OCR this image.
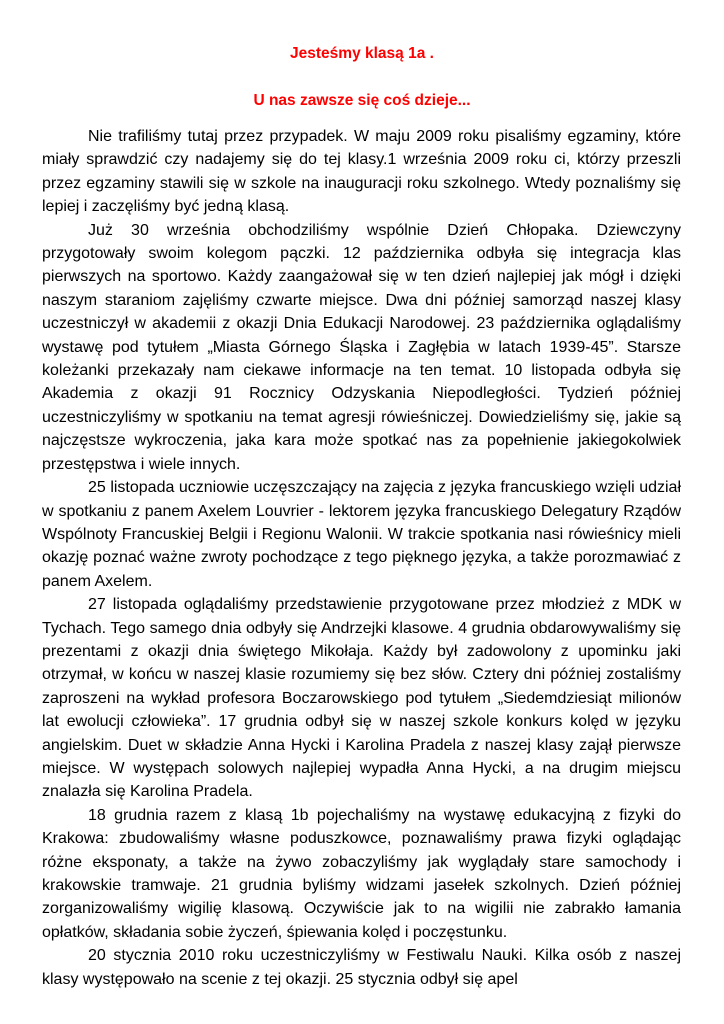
Jesteśmy klasą 1a .
U nas zawsze się coś dzieje...

Nie trafiliśmy tutaj przez przypadek. W maju 2009 roku pisaliśmy egzaminy, które miały sprawdzić czy nadajemy się do tej klasy.1 września 2009 roku ci, którzy przeszli przez egzaminy stawili się w szkole na inauguracji roku szkolnego. Wtedy poznaliśmy się lepiej i zaczęliśmy być jedną klasą.

Już 30 września obchodziliśmy wspólnie Dzień Chłopaka. Dziewczyny przygotowały swoim kolegom pączki. 12 października odbyła się integracja klas pierwszych na sportowo. Każdy zaangażował się w ten dzień najlepiej jak mógł i dzięki naszym staraniom zajęliśmy czwarte miejsce. Dwa dni później samorząd naszej klasy uczestniczył w akademii z okazji Dnia Edukacji Narodowej. 23 października oglądaliśmy wystawę pod tytułem „Miasta Górnego Śląska i Zagłębia w latach 1939-45”. Starsze koleżanki przekazały nam ciekawe informacje na ten temat. 10 listopada odbyła się Akademia z okazji 91 Rocznicy Odzyskania Niepodległości. Tydzień później uczestniczyliśmy w spotkaniu na temat agresji rówieśniczej. Dowiedzieliśmy się, jakie są najczęstsze wykroczenia, jaka kara może spotkać nas za popełnienie jakiegokolwiek przestępstwa i wiele innych.

25 listopada uczniowie uczęszczający na zajęcia z języka francuskiego wzięli udział w spotkaniu z panem Axelem Louvrier - lektorem języka francuskiego Delegatury Rządów Wspólnoty Francuskiej Belgii i Regionu Walonii. W trakcie spotkania nasi rówieśnicy mieli okazję poznać ważne zwroty pochodzące z tego pięknego języka, a także porozmawiać z panem Axelem.

27 listopada oglądaliśmy przedstawienie przygotowane przez młodzież z MDK w Tychach. Tego samego dnia odbyły się Andrzejki klasowe. 4 grudnia obdarowywaliśmy się prezentami z okazji dnia świętego Mikołaja. Każdy był zadowolony z upominku jaki otrzymał, w końcu w naszej klasie rozumiemy się bez słów. Cztery dni później zostaliśmy zaproszeni na wykład profesora Boczarowskiego pod tytułem „Siedemdziesiąt milionów lat ewolucji człowieka”. 17 grudnia odbył się w naszej szkole konkurs kolęd w języku angielskim. Duet w składzie Anna Hycki i Karolina Pradela z naszej klasy zajął pierwsze miejsce. W występach solowych najlepiej wypadła Anna Hycki, a na drugim miejscu znalazła się Karolina Pradela.

18 grudnia razem z klasą 1b pojechaliśmy na wystawę edukacyjną z fizyki do Krakowa: zbudowaliśmy własne poduszkowce, poznawaliśmy prawa fizyki oglądając różne eksponaty, a także na żywo zobaczyliśmy jak wyglądały stare samochody i krakowskie tramwaje. 21 grudnia byliśmy widzami jasełek szkolnych. Dzień później zorganizowaliśmy wigilię klasową. Oczywiście jak to na wigilii nie zabrakło łamania opłatków, składania sobie życzeń, śpiewania kolęd i poczęstunku.

20 stycznia 2010 roku uczestniczyliśmy w Festiwalu Nauki. Kilka osób z naszej klasy występowało na scenie z tej okazji. 25 stycznia odbył się apel
